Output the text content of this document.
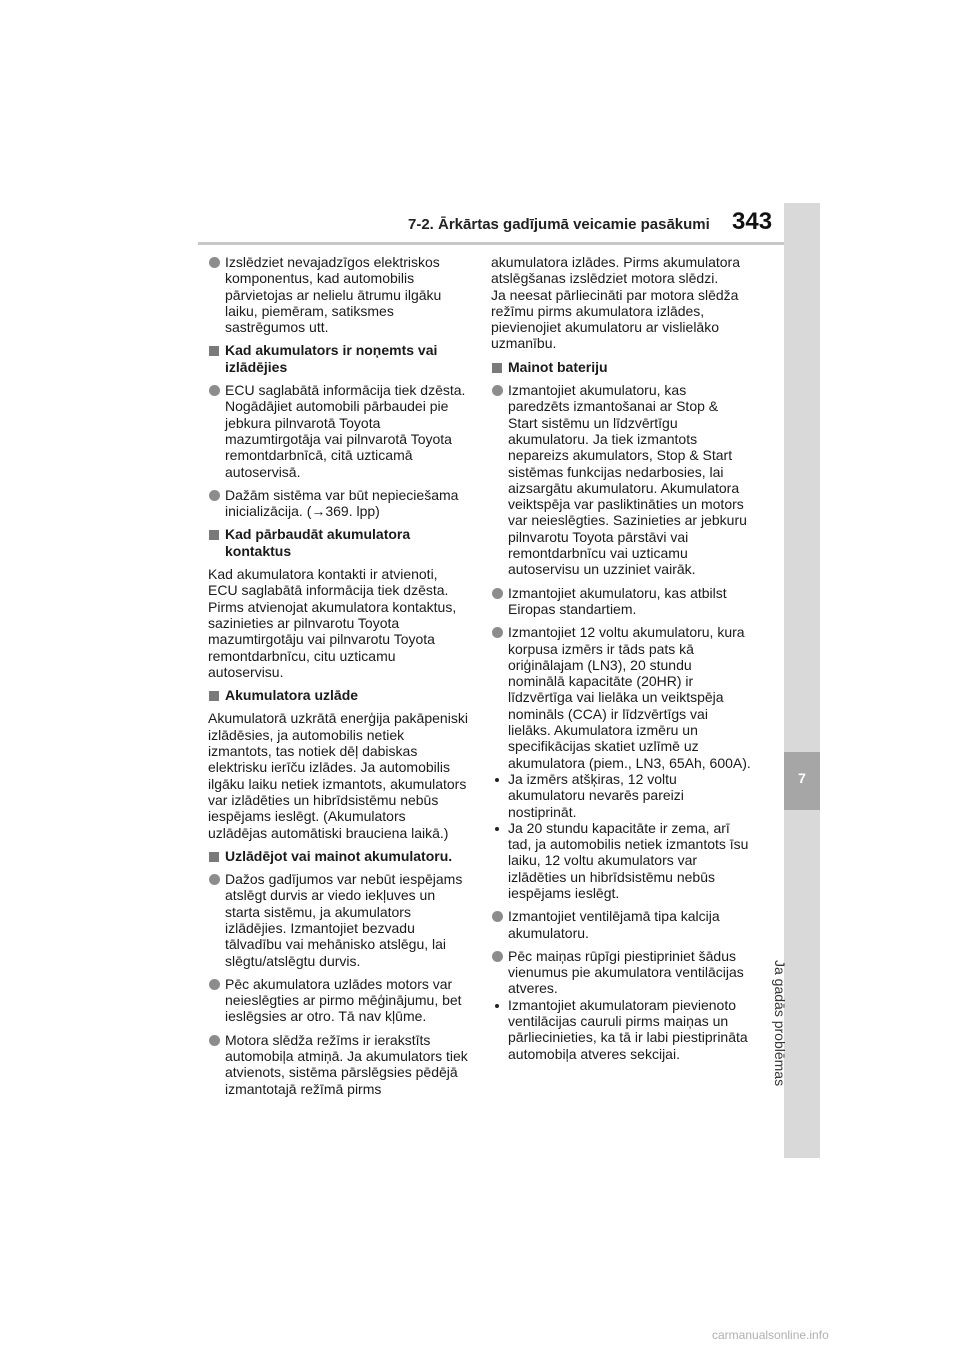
7-2. Ārkārtas gadījumā veicamie pasākumi 343
7
Ja gadās problēmas
Izslēdziet nevajadzīgos elektriskos komponentus, kad automobilis pārvietojas ar nelielu ātrumu ilgāku laiku, piemēram, satiksmes sastrēgumos utt.
Kad akumulators ir noņemts vai izlādējies
ECU saglabātā informācija tiek dzēsta. Nogādājiet automobili pārbaudei pie jebkura pilnvarotā Toyota mazumtirgotāja vai pilnvarotā Toyota remontdarbnīcā, citā uzticamā autoservisā.
Dažām sistēma var būt nepieciešama inicializācija. (→369. lpp)
Kad pārbaudāt akumulatora kontaktus
Kad akumulatora kontakti ir atvienoti, ECU saglabātā informācija tiek dzēsta. Pirms atvienojat akumulatora kontaktus, sazinieties ar pilnvarotu Toyota mazumtirgotāju vai pilnvarotu Toyota remontdarbnīcu, citu uzticamu autoservisu.
Akumulatora uzlāde
Akumulatorā uzkrātā enerģija pakāpeniski izlādēsies, ja automobilis netiek izmantots, tas notiek dēļ dabiskas elektrisku ierīču izlādes. Ja automobilis ilgāku laiku netiek izmantots, akumulators var izlādēties un hibrīdsistēmu nebūs iespējams ieslēgt. (Akumulators uzlādējas automātiski brauciena laikā.)
Uzlādējot vai mainot akumulatoru.
Dažos gadījumos var nebūt iespējams atslēgt durvis ar viedo iekļuves un starta sistēmu, ja akumulators izlādējies. Izmantojiet bezvadu tālvadību vai mehānisko atslēgu, lai slēgtu/atslēgtu durvis.
Pēc akumulatora uzlādes motors var neieslēgties ar pirmo mēģinājumu, bet ieslēgsies ar otro. Tā nav kļūme.
Motora slēdža režīms ir ierakstīts automobiļa atmiņā. Ja akumulators tiek atvienots, sistēma pārslēgsies pēdējā izmantotajā režīmā pirms
akumulatora izlādes. Pirms akumulatora atslēgšanas izslēdziet motora slēdzi.
Ja neesat pārliecināti par motora slēdža režīmu pirms akumulatora izlādes, pievienojiet akumulatoru ar vislielāko uzmanību.
Mainot bateriju
Izmantojiet akumulatoru, kas paredzēts izmantošanai ar Stop & Start sistēmu un līdzvērtīgu akumulatoru. Ja tiek izmantots nepareizs akumulators, Stop & Start sistēmas funkcijas nedarbosies, lai aizsargātu akumulatoru. Akumulatora veiktspēja var pasliktināties un motors var neieslēgties. Sazinieties ar jebkuru pilnvarotu Toyota pārstāvi vai remontdarbnīcu vai uzticamu autoservisu un uzziniet vairāk.
Izmantojiet akumulatoru, kas atbilst Eiropas standartiem.
Izmantojiet 12 voltu akumulatoru, kura korpusa izmērs ir tāds pats kā oriģinālajam (LN3), 20 stundu nominālā kapacitāte (20HR) ir līdzvērtīga vai lielāka un veiktspēja nomināls (CCA) ir līdzvērtīgs vai lielāks. Akumulatora izmēru un specifikācijas skatiet uzlīmē uz akumulatora (piem., LN3, 65Ah, 600A).
Ja izmērs atšķiras, 12 voltu akumulatoru nevarēs pareizi nostiprināt.
Ja 20 stundu kapacitāte ir zema, arī tad, ja automobilis netiek izmantots īsu laiku, 12 voltu akumulators var izlādēties un hibrīdsistēmu nebūs iespējams ieslēgt.
Izmantojiet ventilējamā tipa kalcija akumulatoru.
Pēc maiņas rūpīgi piestipriniet šādus vienumus pie akumulatora ventilācijas atveres.
Izmantojiet akumulatoram pievienoto ventilācijas cauruli pirms maiņas un pārliecinieties, ka tā ir labi piestiprināta automobiļa atveres sekcijai.
carmanualsonline.info
